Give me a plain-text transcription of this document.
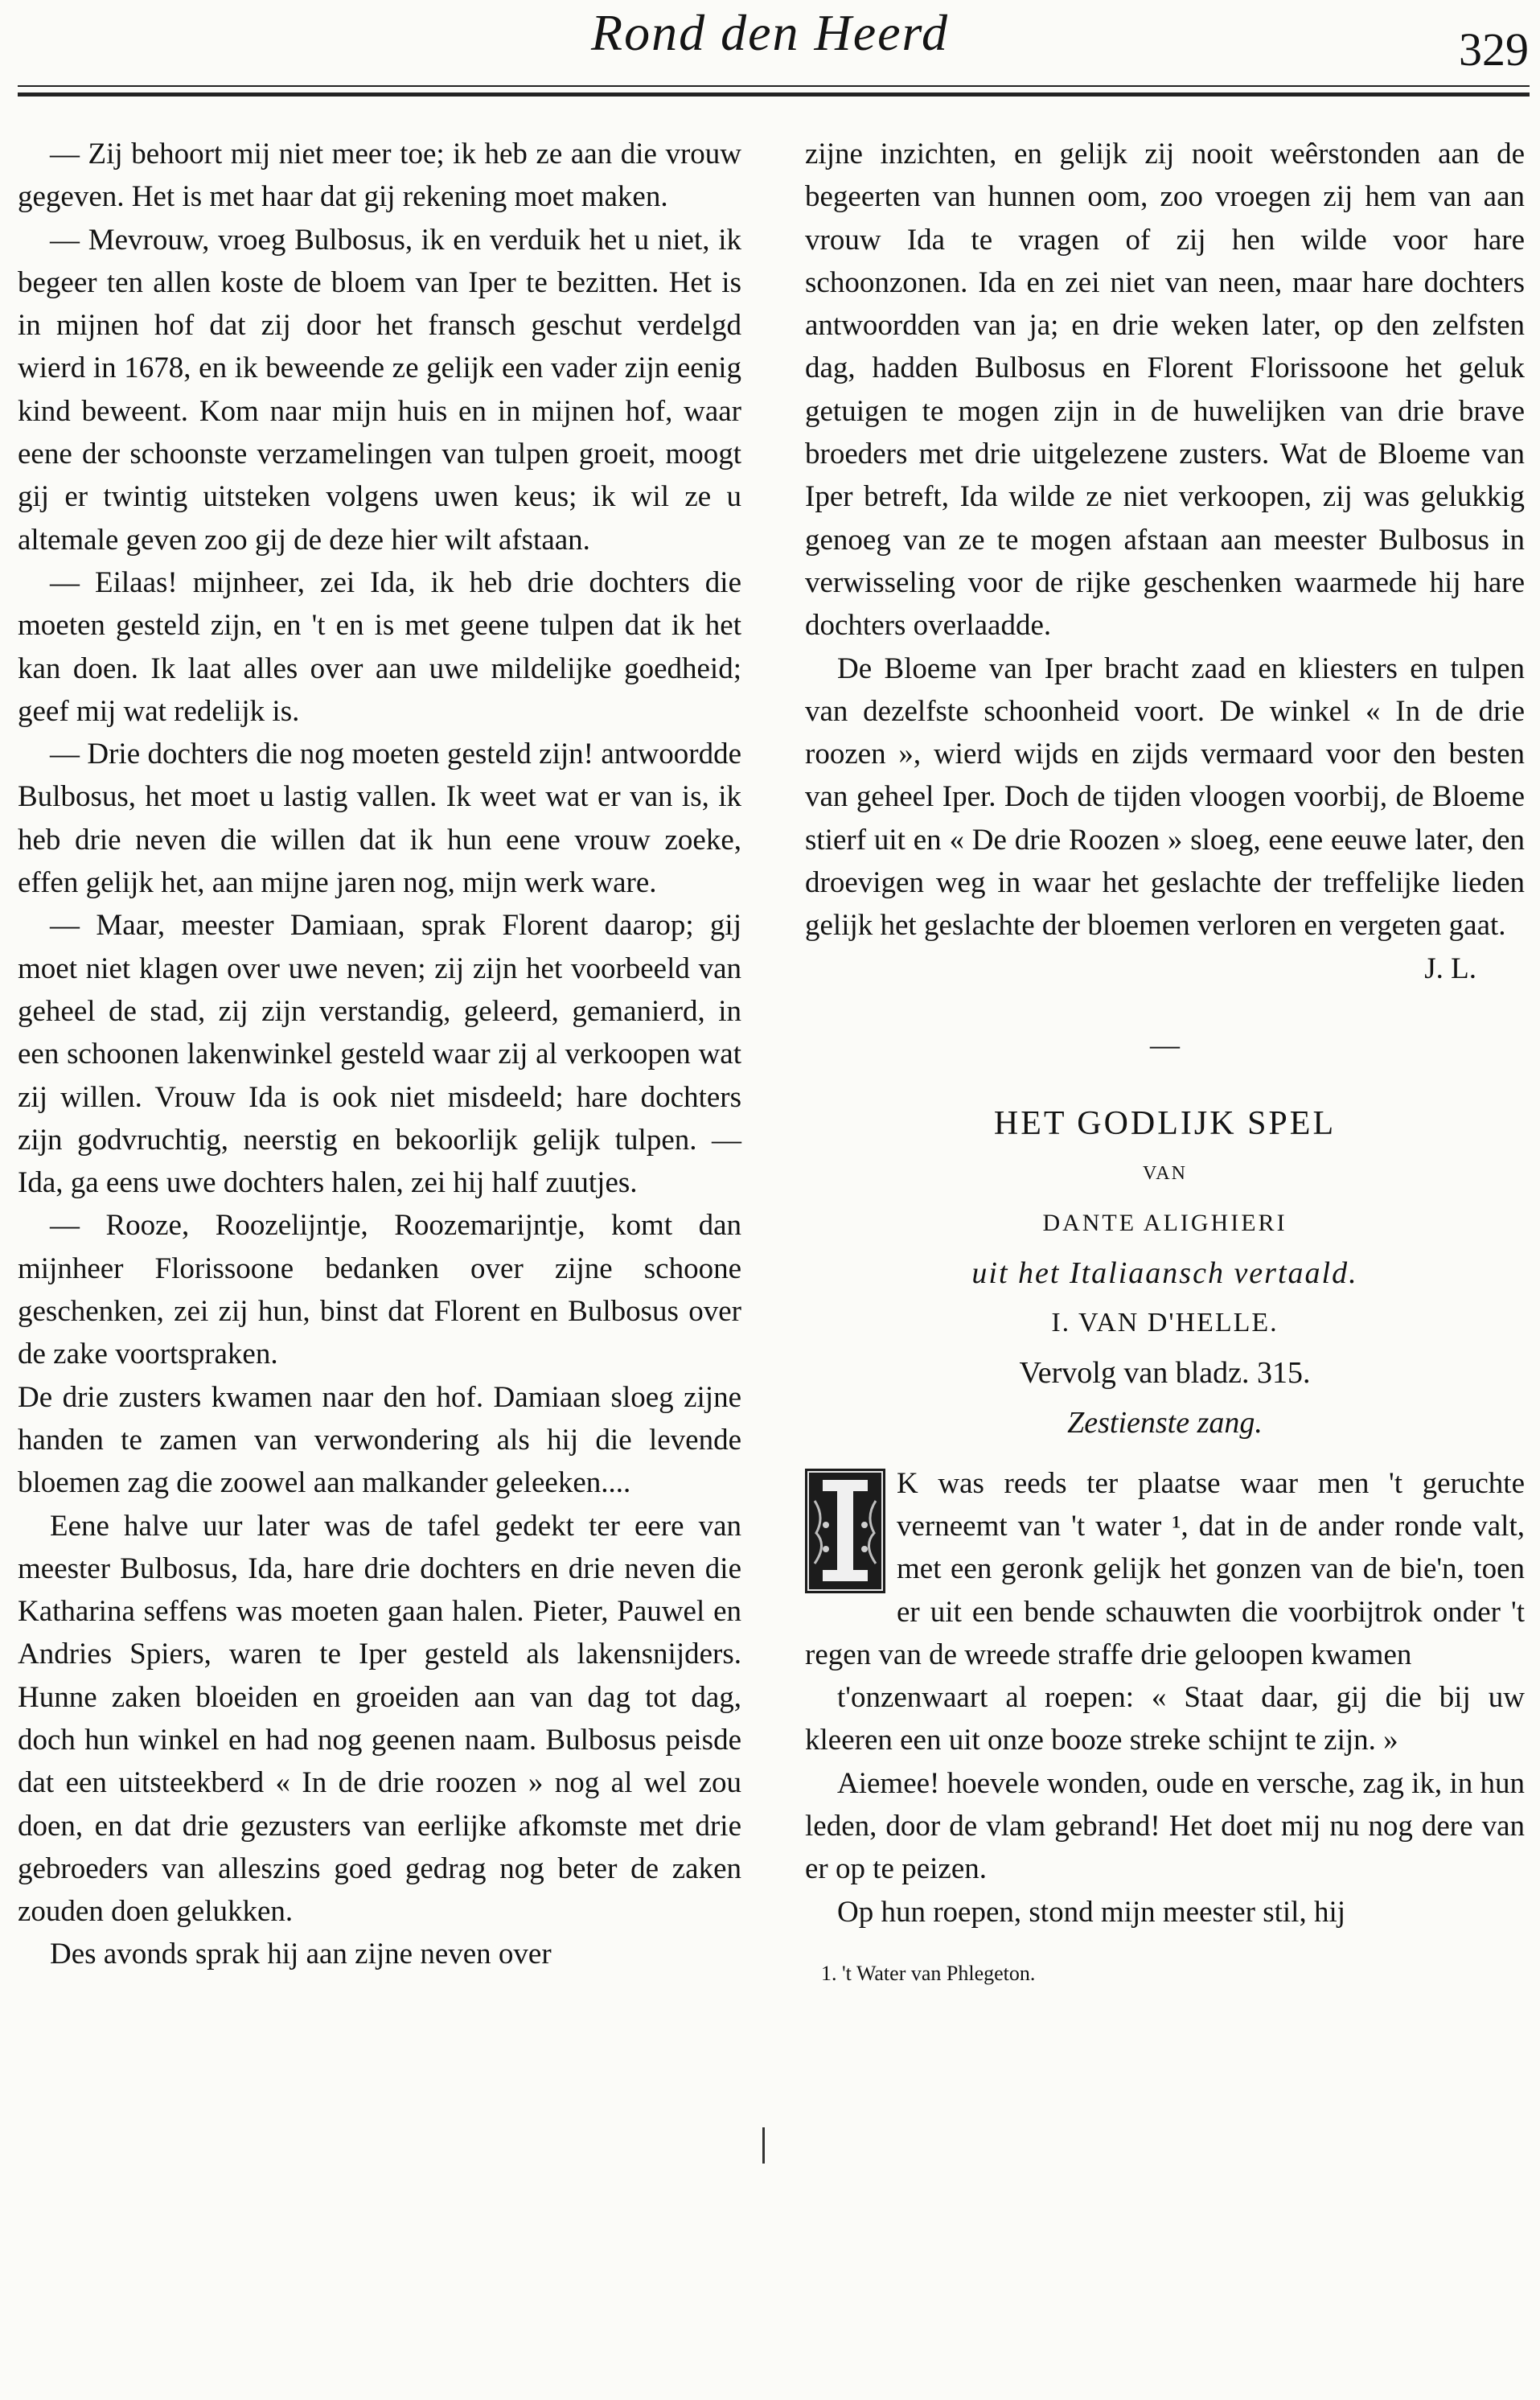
Rond den Heerd	329

— Zij behoort mij niet meer toe; ik heb ze aan die vrouw gegeven. Het is met haar dat gij rekening moet maken.

— Mevrouw, vroeg Bulbosus, ik en verduik het u niet, ik begeer ten allen koste de bloem van Iper te bezitten. Het is in mijnen hof dat zij door het fransch geschut verdelgd wierd in 1678, en ik beweende ze gelijk een vader zijn eenig kind beweent. Kom naar mijn huis en in mijnen hof, waar eene der schoonste verzamelingen van tulpen groeit, moogt gij er twintig uitsteken volgens uwen keus; ik wil ze u altemale geven zoo gij de deze hier wilt afstaan.

— Eilaas! mijnheer, zei Ida, ik heb drie dochters die moeten gesteld zijn, en 't en is met geene tulpen dat ik het kan doen. Ik laat alles over aan uwe mildelijke goedheid; geef mij wat redelijk is.

— Drie dochters die nog moeten gesteld zijn! antwoordde Bulbosus, het moet u lastig vallen. Ik weet wat er van is, ik heb drie neven die willen dat ik hun eene vrouw zoeke, effen gelijk het, aan mijne jaren nog, mijn werk ware.

— Maar, meester Damiaan, sprak Florent daarop; gij moet niet klagen over uwe neven; zij zijn het voorbeeld van geheel de stad, zij zijn verstandig, geleerd, gemanierd, in een schoonen lakenwinkel gesteld waar zij al verkoopen wat zij willen. Vrouw Ida is ook niet misdeeld; hare dochters zijn godvruchtig, neerstig en bekoorlijk gelijk tulpen. — Ida, ga eens uwe dochters halen, zei hij half zuutjes.

— Rooze, Roozelijntje, Roozemarijntje, komt dan mijnheer Florissoone bedanken over zijne schoone geschenken, zei zij hun, binst dat Florent en Bulbosus over de zake voortspraken.

De drie zusters kwamen naar den hof. Damiaan sloeg zijne handen te zamen van verwondering als hij die levende bloemen zag die zoowel aan malkander geleeken....

Eene halve uur later was de tafel gedekt ter eere van meester Bulbosus, Ida, hare drie dochters en drie neven die Katharina seffens was moeten gaan halen. Pieter, Pauwel en Andries Spiers, waren te Iper gesteld als lakensnijders. Hunne zaken bloeiden en groeiden aan van dag tot dag, doch hun winkel en had nog geenen naam. Bulbosus peisde dat een uitsteekberd « In de drie roozen » nog al wel zou doen, en dat drie gezusters van eerlijke afkomste met drie gebroeders van alleszins goed gedrag nog beter de zaken zouden doen gelukken.

Des avonds sprak hij aan zijne neven over

zijne inzichten, en gelijk zij nooit weêrstonden aan de begeerten van hunnen oom, zoo vroegen zij hem van aan vrouw Ida te vragen of zij hen wilde voor hare schoonzonen. Ida en zei niet van neen, maar hare dochters antwoordden van ja; en drie weken later, op den zelfsten dag, hadden Bulbosus en Florent Florissoone het geluk getuigen te mogen zijn in de huwelijken van drie brave broeders met drie uitgelezene zusters. Wat de Bloeme van Iper betreft, Ida wilde ze niet verkoopen, zij was gelukkig genoeg van ze te mogen afstaan aan meester Bulbosus in verwisseling voor de rijke geschenken waarmede hij hare dochters overlaadde.

De Bloeme van Iper bracht zaad en kliesters en tulpen van dezelfste schoonheid voort. De winkel « In de drie roozen », wierd wijds en zijds vermaard voor den besten van geheel Iper. Doch de tijden vloogen voorbij, de Bloeme stierf uit en « De drie Roozen » sloeg, eene eeuwe later, den droevigen weg in waar het geslachte der treffelijke lieden gelijk het geslachte der bloemen verloren en vergeten gaat.
J. L.

—
HET GODLIJK SPEL
VAN
DANTE ALIGHIERI
uit het Italiaansch vertaald.
I. VAN D'HELLE.
Vervolg van bladz. 315.
Zestienste zang.

K was reeds ter plaatse waar men 't geruchte verneemt van 't water ¹, dat in de ander ronde valt, met een geronk gelijk het gonzen van de bie'n, toen er uit een bende schauwten die voorbijtrok onder 't regen van de wreede straffe drie geloopen kwamen

t'onzenwaart al roepen: « Staat daar, gij die bij uw kleeren een uit onze booze streke schijnt te zijn. »

Aiemee! hoevele wonden, oude en versche, zag ik, in hun leden, door de vlam gebrand! Het doet mij nu nog dere van er op te peizen.

Op hun roepen, stond mijn meester stil, hij

1. 't Water van Phlegeton.
